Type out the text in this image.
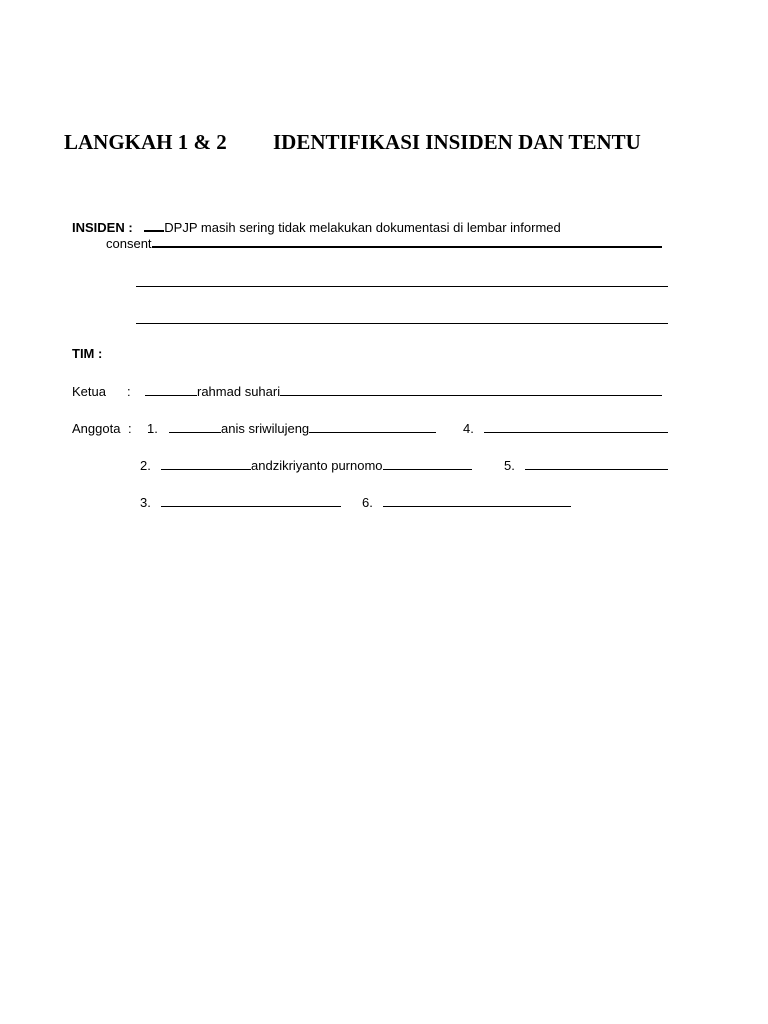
LANGKAH 1 & 2 IDENTIFIKASI INSIDEN DAN TENTU
INSIDEN : DPJP masih sering tidak melakukan dokumentasi di lembar informed
consent
TIM :
Ketua :	rahmad suhari
Anggota : 1.	anis sriwilujeng	4.
2.	andzikriyanto purnomo	5.
3.	6.
